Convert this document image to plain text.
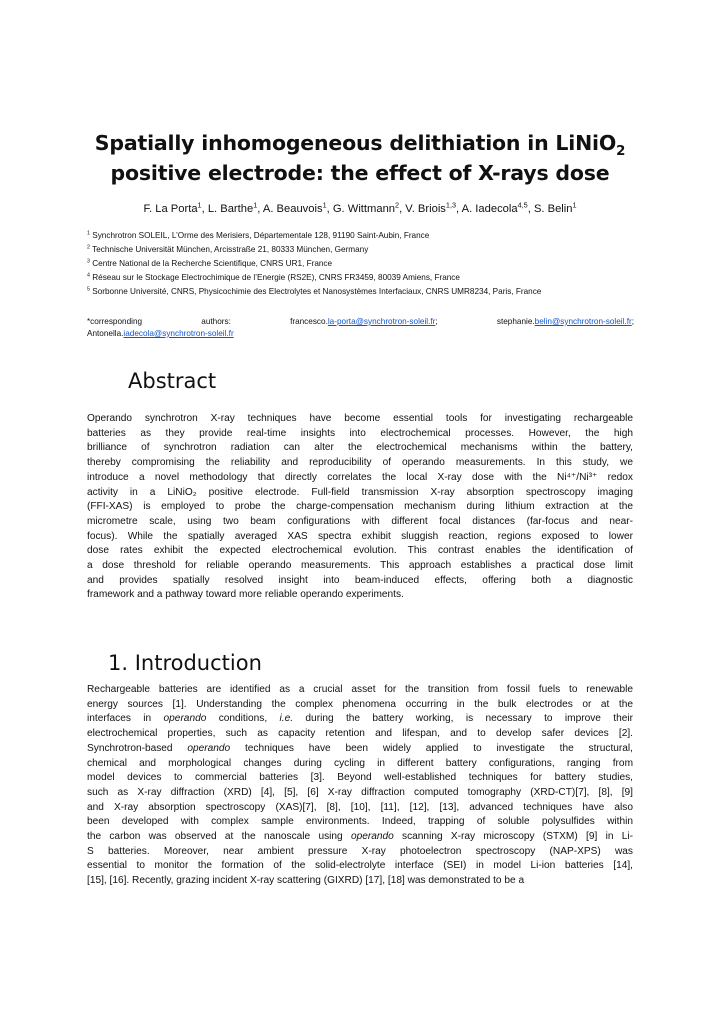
Spatially inhomogeneous delithiation in LiNiO$_2$
positive electrode: the effect of X-rays dose
F. La Porta$^1$, L. Barthe$^1$, A. Beauvois$^1$, G. Wittmann$^2$, V. Briois$^{1,3}$, A. Iadecola$^{4,5}$, S. Belin$^1$
$^1$ Synchrotron SOLEIL, L’Orme des Merisiers, Départementale 128, 91190 Saint-Aubin, France
$^2$ Technische Universität München, Arcisstraße 21, 80333 München, Germany
$^3$ Centre National de la Recherche Scientifique, CNRS UR1, France
$^4$ Réseau sur le Stockage Electrochimique de l’Energie (RS2E), CNRS FR3459, 80039 Amiens, France
$^5$ Sorbonne Université, CNRS, Physicochimie des Electrolytes et Nanosystèmes Interfaciaux, CNRS UMR8234, Paris, France
*corresponding	authors:	francesco.la-porta@synchrotron-soleil.fr;	stephanie.belin@synchrotron-soleil.fr;
Antonella.iadecola@synchrotron-soleil.fr
Abstract
Operando synchrotron X-ray techniques have become essential tools for investigating rechargeable
batteries as they provide real-time insights into electrochemical processes. However, the high
brilliance of synchrotron radiation can alter the electrochemical mechanisms within the battery,
thereby compromising the reliability and reproducibility of operando measurements. In this study, we
introduce a novel methodology that directly correlates the local X-ray dose with the Ni⁴⁺/Ni³⁺ redox
activity in a LiNiO₂ positive electrode. Full-field transmission X-ray absorption spectroscopy imaging
(FFI-XAS) is employed to probe the charge-compensation mechanism during lithium extraction at the
micrometre scale, using two beam configurations with different focal distances (far-focus and near-
focus). While the spatially averaged XAS spectra exhibit sluggish reaction, regions exposed to lower
dose rates exhibit the expected electrochemical evolution. This contrast enables the identification of
a dose threshold for reliable operando measurements. This approach establishes a practical dose limit
and provides spatially resolved insight into beam-induced effects, offering both a diagnostic
framework and a pathway toward more reliable operando experiments.
1. Introduction
Rechargeable batteries are identified as a crucial asset for the transition from fossil fuels to renewable
energy sources [1]. Understanding the complex phenomena occurring in the bulk electrodes or at the
interfaces in operando conditions, i.e. during the battery working, is necessary to improve their
electrochemical properties, such as capacity retention and lifespan, and to develop safer devices [2].
Synchrotron-based operando techniques have been widely applied to investigate the structural,
chemical and morphological changes during cycling in different battery configurations, ranging from
model devices to commercial batteries [3]. Beyond well-established techniques for battery studies,
such as X-ray diffraction (XRD) [4], [5], [6] X-ray diffraction computed tomography (XRD-CT)[7], [8], [9]
and X-ray absorption spectroscopy (XAS)[7], [8], [10], [11], [12], [13], advanced techniques have also
been developed with complex sample environments. Indeed, trapping of soluble polysulfides within
the carbon was observed at the nanoscale using operando scanning X-ray microscopy (STXM) [9] in Li-
S batteries. Moreover, near ambient pressure X-ray photoelectron spectroscopy (NAP-XPS) was
essential to monitor the formation of the solid-electrolyte interface (SEI) in model Li-ion batteries [14],
[15], [16]. Recently, grazing incident X-ray scattering (GIXRD) [17], [18] was demonstrated to be a
